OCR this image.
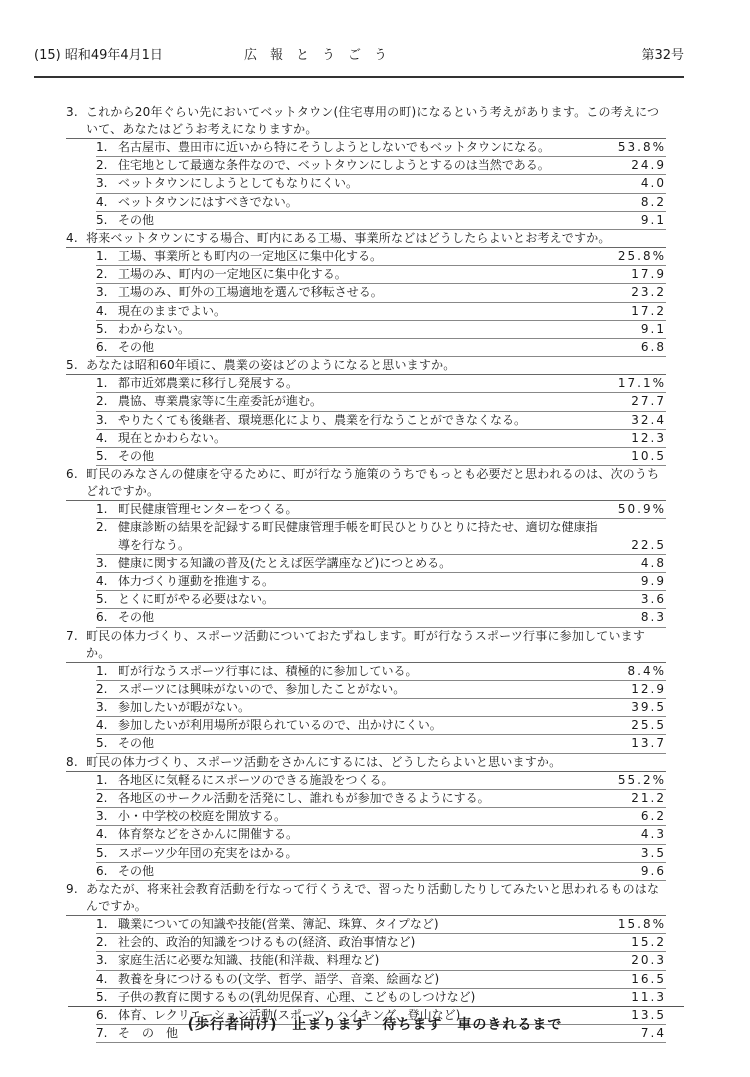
(15) 昭和49年4月1日	広報とうごう	第32号
3. これから20年ぐらい先においてベットタウン(住宅専用の町)になるという考えがあります。この考えについて、あなたはどうお考えになりますか。
1. 名古屋市、豊田市に近いから特にそうしようとしないでもベットタウンになる。	53.8%
2. 住宅地として最適な条件なので、ベットタウンにしようとするのは当然である。	24.9
3. ベットタウンにしようとしてもなりにくい。	4.0
4. ベットタウンにはすべきでない。	8.2
5. その他	9.1
4. 将来ベットタウンにする場合、町内にある工場、事業所などはどうしたらよいとお考えですか。
1. 工場、事業所とも町内の一定地区に集中化する。	25.8%
2. 工場のみ、町内の一定地区に集中化する。	17.9
3. 工場のみ、町外の工場適地を選んで移転させる。	23.2
4. 現在のままでよい。	17.2
5. わからない。	9.1
6. その他	6.8
5. あなたは昭和60年頃に、農業の姿はどのようになると思いますか。
1. 都市近郊農業に移行し発展する。	17.1%
2. 農協、専業農家等に生産委託が進む。	27.7
3. やりたくても後継者、環境悪化により、農業を行なうことができなくなる。	32.4
4. 現在とかわらない。	12.3
5. その他	10.5
6. 町民のみなさんの健康を守るために、町が行なう施策のうちでもっとも必要だと思われるのは、次のうちどれですか。
1. 町民健康管理センターをつくる。	50.9%
2. 健康診断の結果を記録する町民健康管理手帳を町民ひとりひとりに持たせ、適切な健康指導を行なう。	22.5
3. 健康に関する知識の普及(たとえば医学講座など)につとめる。	4.8
4. 体力づくり運動を推進する。	9.9
5. とくに町がやる必要はない。	3.6
6. その他	8.3
7. 町民の体力づくり、スポーツ活動についておたずねします。町が行なうスポーツ行事に参加していますか。
1. 町が行なうスポーツ行事には、積極的に参加している。	8.4%
2. スポーツには興味がないので、参加したことがない。	12.9
3. 参加したいが暇がない。	39.5
4. 参加したいが利用場所が限られているので、出かけにくい。	25.5
5. その他	13.7
8. 町民の体力づくり、スポーツ活動をさかんにするには、どうしたらよいと思いますか。
1. 各地区に気軽るにスポーツのできる施設をつくる。	55.2%
2. 各地区のサークル活動を活発にし、誰れもが参加できるようにする。	21.2
3. 小・中学校の校庭を開放する。	6.2
4. 体育祭などをさかんに開催する。	4.3
5. スポーツ少年団の充実をはかる。	3.5
6. その他	9.6
9. あなたが、将来社会教育活動を行なって行くうえで、習ったり活動したりしてみたいと思われるものはなんですか。
1. 職業についての知識や技能(営業、簿記、珠算、タイプなど)	15.8%
2. 社会的、政治的知識をつけるもの(経済、政治事情など)	15.2
3. 家庭生活に必要な知識、技能(和洋裁、料理など)	20.3
4. 教養を身につけるもの(文学、哲学、語学、音楽、絵画など)	16.5
5. 子供の教育に関するもの(乳幼児保育、心理、こどものしつけなど)	11.3
6. 体育、レクリエーション活動(スポーツ、ハイキング、登山など)	13.5
7. そ　の　他	7.4
(歩行者向け)　止まります　待ちます　車のきれるまで
